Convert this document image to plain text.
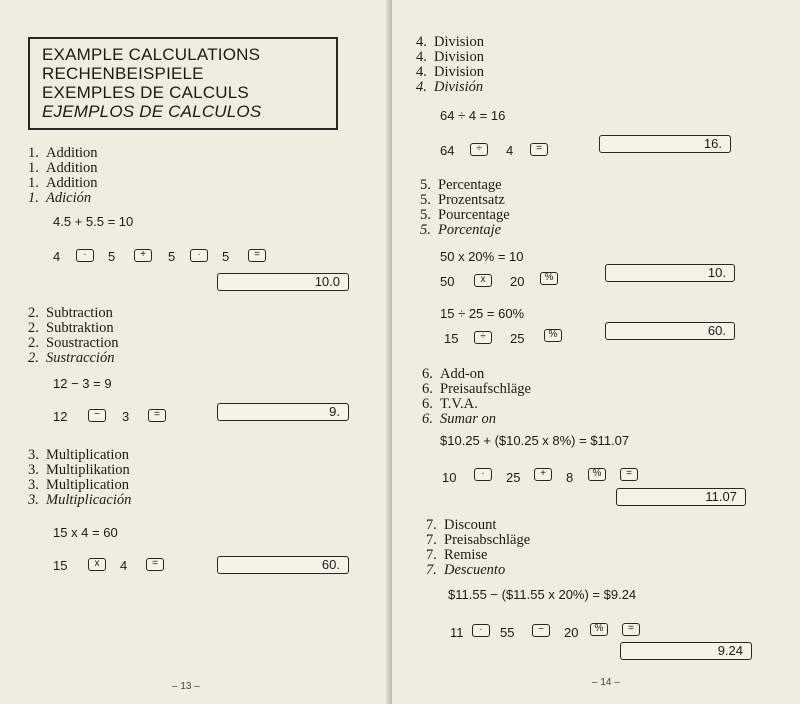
EXAMPLE CALCULATIONS
RECHENBEISPIELE
EXEMPLES DE CALCULS
EJEMPLOS DE CALCULOS
1. Addition
1. Addition
1. Addition
1. Adición
4.5 + 5.5 = 10
4	·	5	+	5	·	5	=
10.0
2. Subtraction
2. Subtraktion
2. Soustraction
2. Sustracción
12 − 3 = 9
12	−	3	=	9.
3. Multiplication
3. Multiplikation
3. Multiplication
3. Multiplicación
15 x 4 = 60
15	x	4	=	60.
– 13 –
4. Division
4. Division
4. Division
4. División
64 ÷ 4 = 16
64	÷	4	=	16.
5. Percentage
5. Prozentsatz
5. Pourcentage
5. Porcentaje
50 x 20% = 10
50	x	20	%	10.
15 ÷ 25 = 60%
15	÷	25	%	60.
6. Add-on
6. Preisaufschläge
6. T.V.A.
6. Sumar on
$10.25 + ($10.25 x 8%) = $11.07
10	·	25	+	8	%	=
11.07
7. Discount
7. Preisabschläge
7. Remise
7. Descuento
$11.55 − ($11.55 x 20%) = $9.24
11	·	55	−	20	%	=
9.24
– 14 –
